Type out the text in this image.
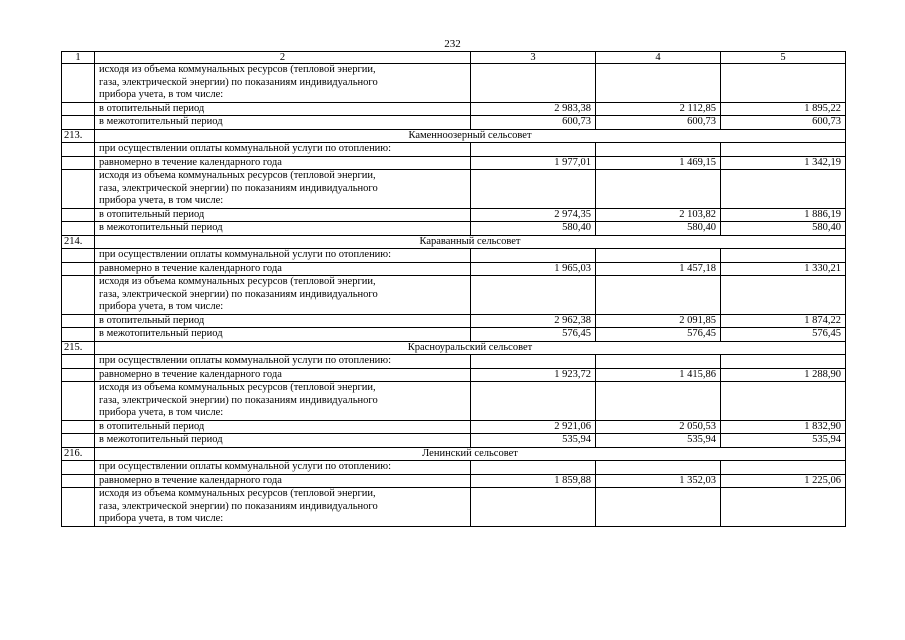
232
1	2	3	4	5

	исходя из объема коммунальных ресурсов (тепловой энергии,
газа, электрической энергии) по показаниям индивидуального
прибора учета, в том числе:			

	в отопительный период	2 983,38	2 112,85	1 895,22
	в межотопительный период	600,73	600,73	600,73
213.	Каменноозерный сельсовет			
	при осуществлении оплаты коммунальной услуги по отоплению:			
	равномерно в течение календарного года	1 977,01	1 469,15	1 342,19

	исходя из объема коммунальных ресурсов (тепловой энергии,
газа, электрической энергии) по показаниям индивидуального
прибора учета, в том числе:			

	в отопительный период	2 974,35	2 103,82	1 886,19
	в межотопительный период	580,40	580,40	580,40
214.	Караванный сельсовет			
	при осуществлении оплаты коммунальной услуги по отоплению:			
	равномерно в течение календарного года	1 965,03	1 457,18	1 330,21

	исходя из объема коммунальных ресурсов (тепловой энергии,
газа, электрической энергии) по показаниям индивидуального
прибора учета, в том числе:			

	в отопительный период	2 962,38	2 091,85	1 874,22
	в межотопительный период	576,45	576,45	576,45
215.	Красноуральский сельсовет			
	при осуществлении оплаты коммунальной услуги по отоплению:			
	равномерно в течение календарного года	1 923,72	1 415,86	1 288,90

	исходя из объема коммунальных ресурсов (тепловой энергии,
газа, электрической энергии) по показаниям индивидуального
прибора учета, в том числе:			

	в отопительный период	2 921,06	2 050,53	1 832,90
	в межотопительный период	535,94	535,94	535,94
216.	Ленинский сельсовет			
	при осуществлении оплаты коммунальной услуги по отоплению:			
	равномерно в течение календарного года	1 859,88	1 352,03	1 225,06

	исходя из объема коммунальных ресурсов (тепловой энергии,
газа, электрической энергии) по показаниям индивидуального
прибора учета, в том числе:			
